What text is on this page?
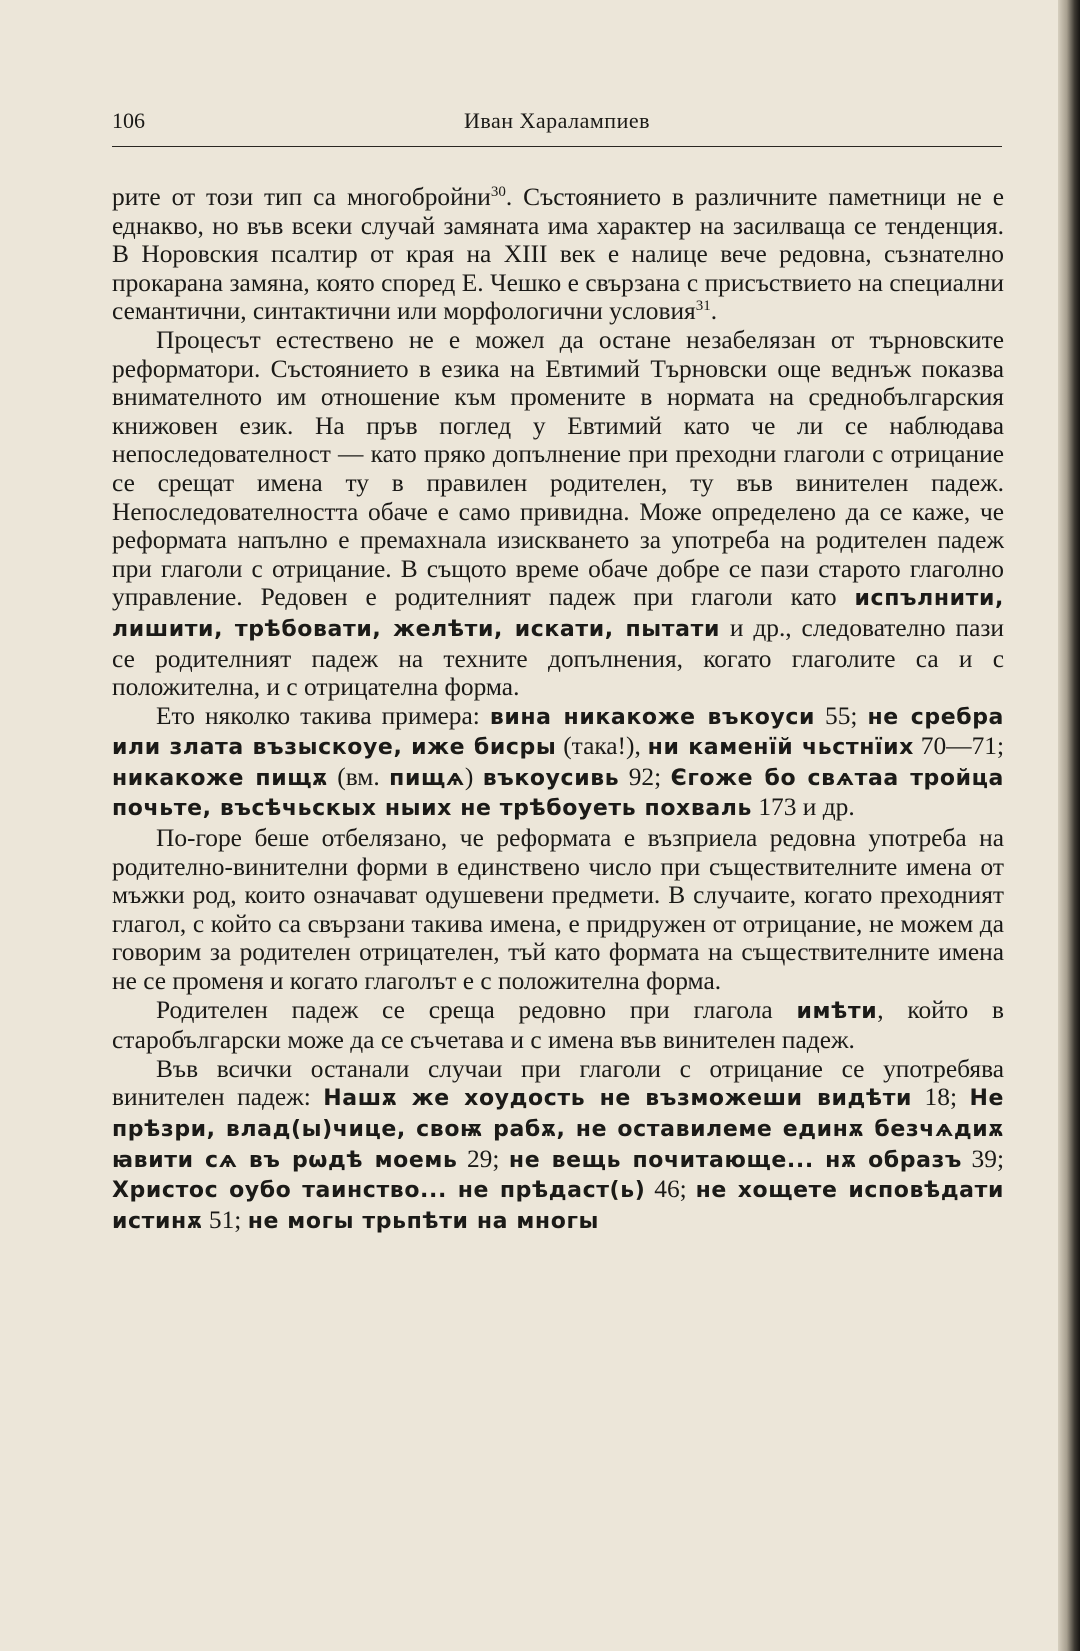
106	Иван Харалампиев

рите от този тип са многобройни$^{30}$. Състоянието в различните паметници не е еднакво, но във всеки случай замяната има характер на засилваща се тенденция. В Норовския псалтир от края на XIII век е налице вече редовна, съзнателно прокарана замяна, която според Е. Чешко е свързана с присъствието на специални семантични, синтактични или морфологични условия$^{31}$.

Процесът естествено не е можел да остане незабелязан от търновските реформатори. Състоянието в езика на Евтимий Търновски още веднъж показва внимателното им отношение към промените в нормата на среднобългарския книжовен език. На пръв поглед у Евтимий като че ли се наблюдава непоследователност — като пряко допълнение при преходни глаголи с отрицание се срещат имена ту в правилен родителен, ту във винителен падеж. Непоследователността обаче е само привидна. Може определено да се каже, че реформата напълно е премахнала изискването за употреба на родителен падеж при глаголи с отрицание. В същото време обаче добре се пази старото глаголно управление. Редовен е родителният падеж при глаголи като испълнити, лишити, трѣбовати, желѣти, искати, пытати и др., следователно пази се родителният падеж на техните допълнения, когато глаголите са и с положителна, и с отрицателна форма.

Ето няколко такива примера: вина никакоже въкоуси 55; не сребра или злата възыскоуе, иже бисры (така!), ни каменїй чьстнїих 70—71; никакоже пищѫ (вм. пищѧ) въкоусивь 92; Єгоже бо свѧтаа тройца почьте, въсѣчьскых ныих не трѣбоуеть похваль 173 и др.

По-горе беше отбелязано, че реформата е възприела редовна употреба на родително-винителни форми в единствено число при съществителните имена от мъжки род, които означават одушевени предмети. В случаите, когато преходният глагол, с който са свързани такива имена, е придружен от отрицание, не можем да говорим за родителен отрицателен, тъй като формата на съществителните имена не се променя и когато глаголът е с положителна форма.

Родителен падеж се среща редовно при глагола имѣти, който в старобългарски може да се съчетава и с имена във винителен падеж.

Във всички останали случаи при глаголи с отрицание се употребява винителен падеж: Нашѫ же хоудость не възможеши видѣти 18; Не прѣзри, влад(ы)чице, своѭ рабѫ, не оставилеме единѫ безчѧдиѫ ꙗвити сѧ въ рѡдѣ моемь 29; не вещь почитающе... нѫ образъ 39; Христос оубо таинство... не прѣдаст(ь) 46; не хощете исповѣдати истинѫ 51; не могы трьпѣти на многы
